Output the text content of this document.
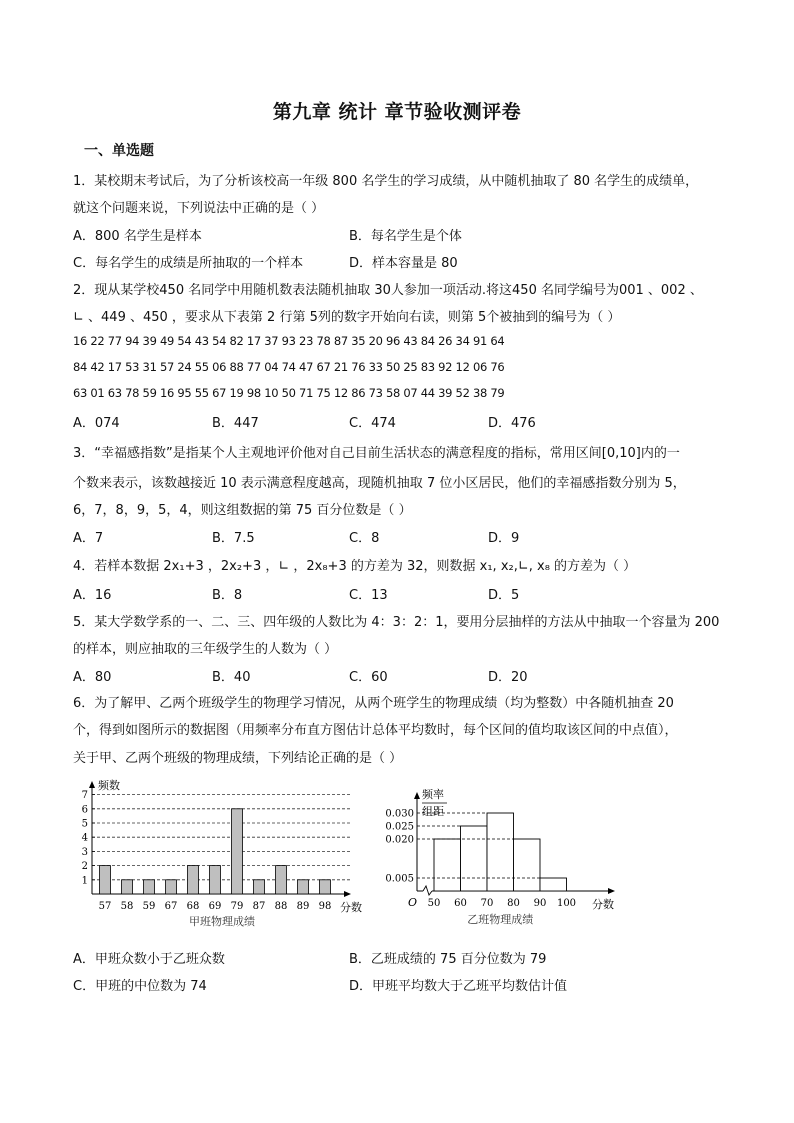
第九章 统计 章节验收测评卷
一、单选题
1．某校期末考试后，为了分析该校高一年级 800 名学生的学习成绩，从中随机抽取了 80 名学生的成绩单，
就这个问题来说，下列说法中正确的是（ ）
A．800 名学生是样本	B．每名学生是个体
C．每名学生的成绩是所抽取的一个样本	D．样本容量是 80
2．现从某学校450 名同学中用随机数表法随机抽取 30人参加一项活动.将这450 名同学编号为001 、002 、
∟ 、449 、450 ，要求从下表第 2 行第 5列的数字开始向右读，则第 5个被抽到的编号为（ ）
16 22 77 94 39 49 54 43 54 82 17 37 93 23 78 87 35 20 96 43 84 26 34 91 64
84 42 17 53 31 57 24 55 06 88 77 04 74 47 67 21 76 33 50 25 83 92 12 06 76
63 01 63 78 59 16 95 55 67 19 98 10 50 71 75 12 86 73 58 07 44 39 52 38 79
A．074	B．447	C．474	D．476
3．“幸福感指数”是指某个人主观地评价他对自己目前生活状态的满意程度的指标，常用区间[0,10]内的一
个数来表示，该数越接近 10 表示满意程度越高，现随机抽取 7 位小区居民，他们的幸福感指数分别为 5，
6，7，8，9，5，4，则这组数据的第 75 百分位数是（ ）
A．7	B．7.5	C．8	D．9
4．若样本数据 2x₁+3 ，2x₂+3 ，∟ ，2x₈+3 的方差为 32，则数据 x₁, x₂,∟, x₈ 的方差为（ ）
A．16	B．8	C．13	D．5
5．某大学数学系的一、二、三、四年级的人数比为 4：3：2：1，要用分层抽样的方法从中抽取一个容量为 200
的样本，则应抽取的三年级学生的人数为（ ）
A．80	B．40	C．60	D．20
6．为了解甲、乙两个班级学生的物理学习情况，从两个班学生的物理成绩（均为整数）中各随机抽查 20
个，得到如图所示的数据图（用频率分布直方图估计总体平均数时，每个区间的值均取该区间的中点值），
关于甲、乙两个班级的物理成绩，下列结论正确的是（ ）
1
2
3
4
5
6
7
频数
分数
57 58 59 67 68 69 79 87 88 89 98
甲班物理成绩
频率
组距
O	分数
0.005
0.020
0.025
0.030
50 60 70 80 90 100
乙班物理成绩
A．甲班众数小于乙班众数	B．乙班成绩的 75 百分位数为 79
C．甲班的中位数为 74	D．甲班平均数大于乙班平均数估计值
